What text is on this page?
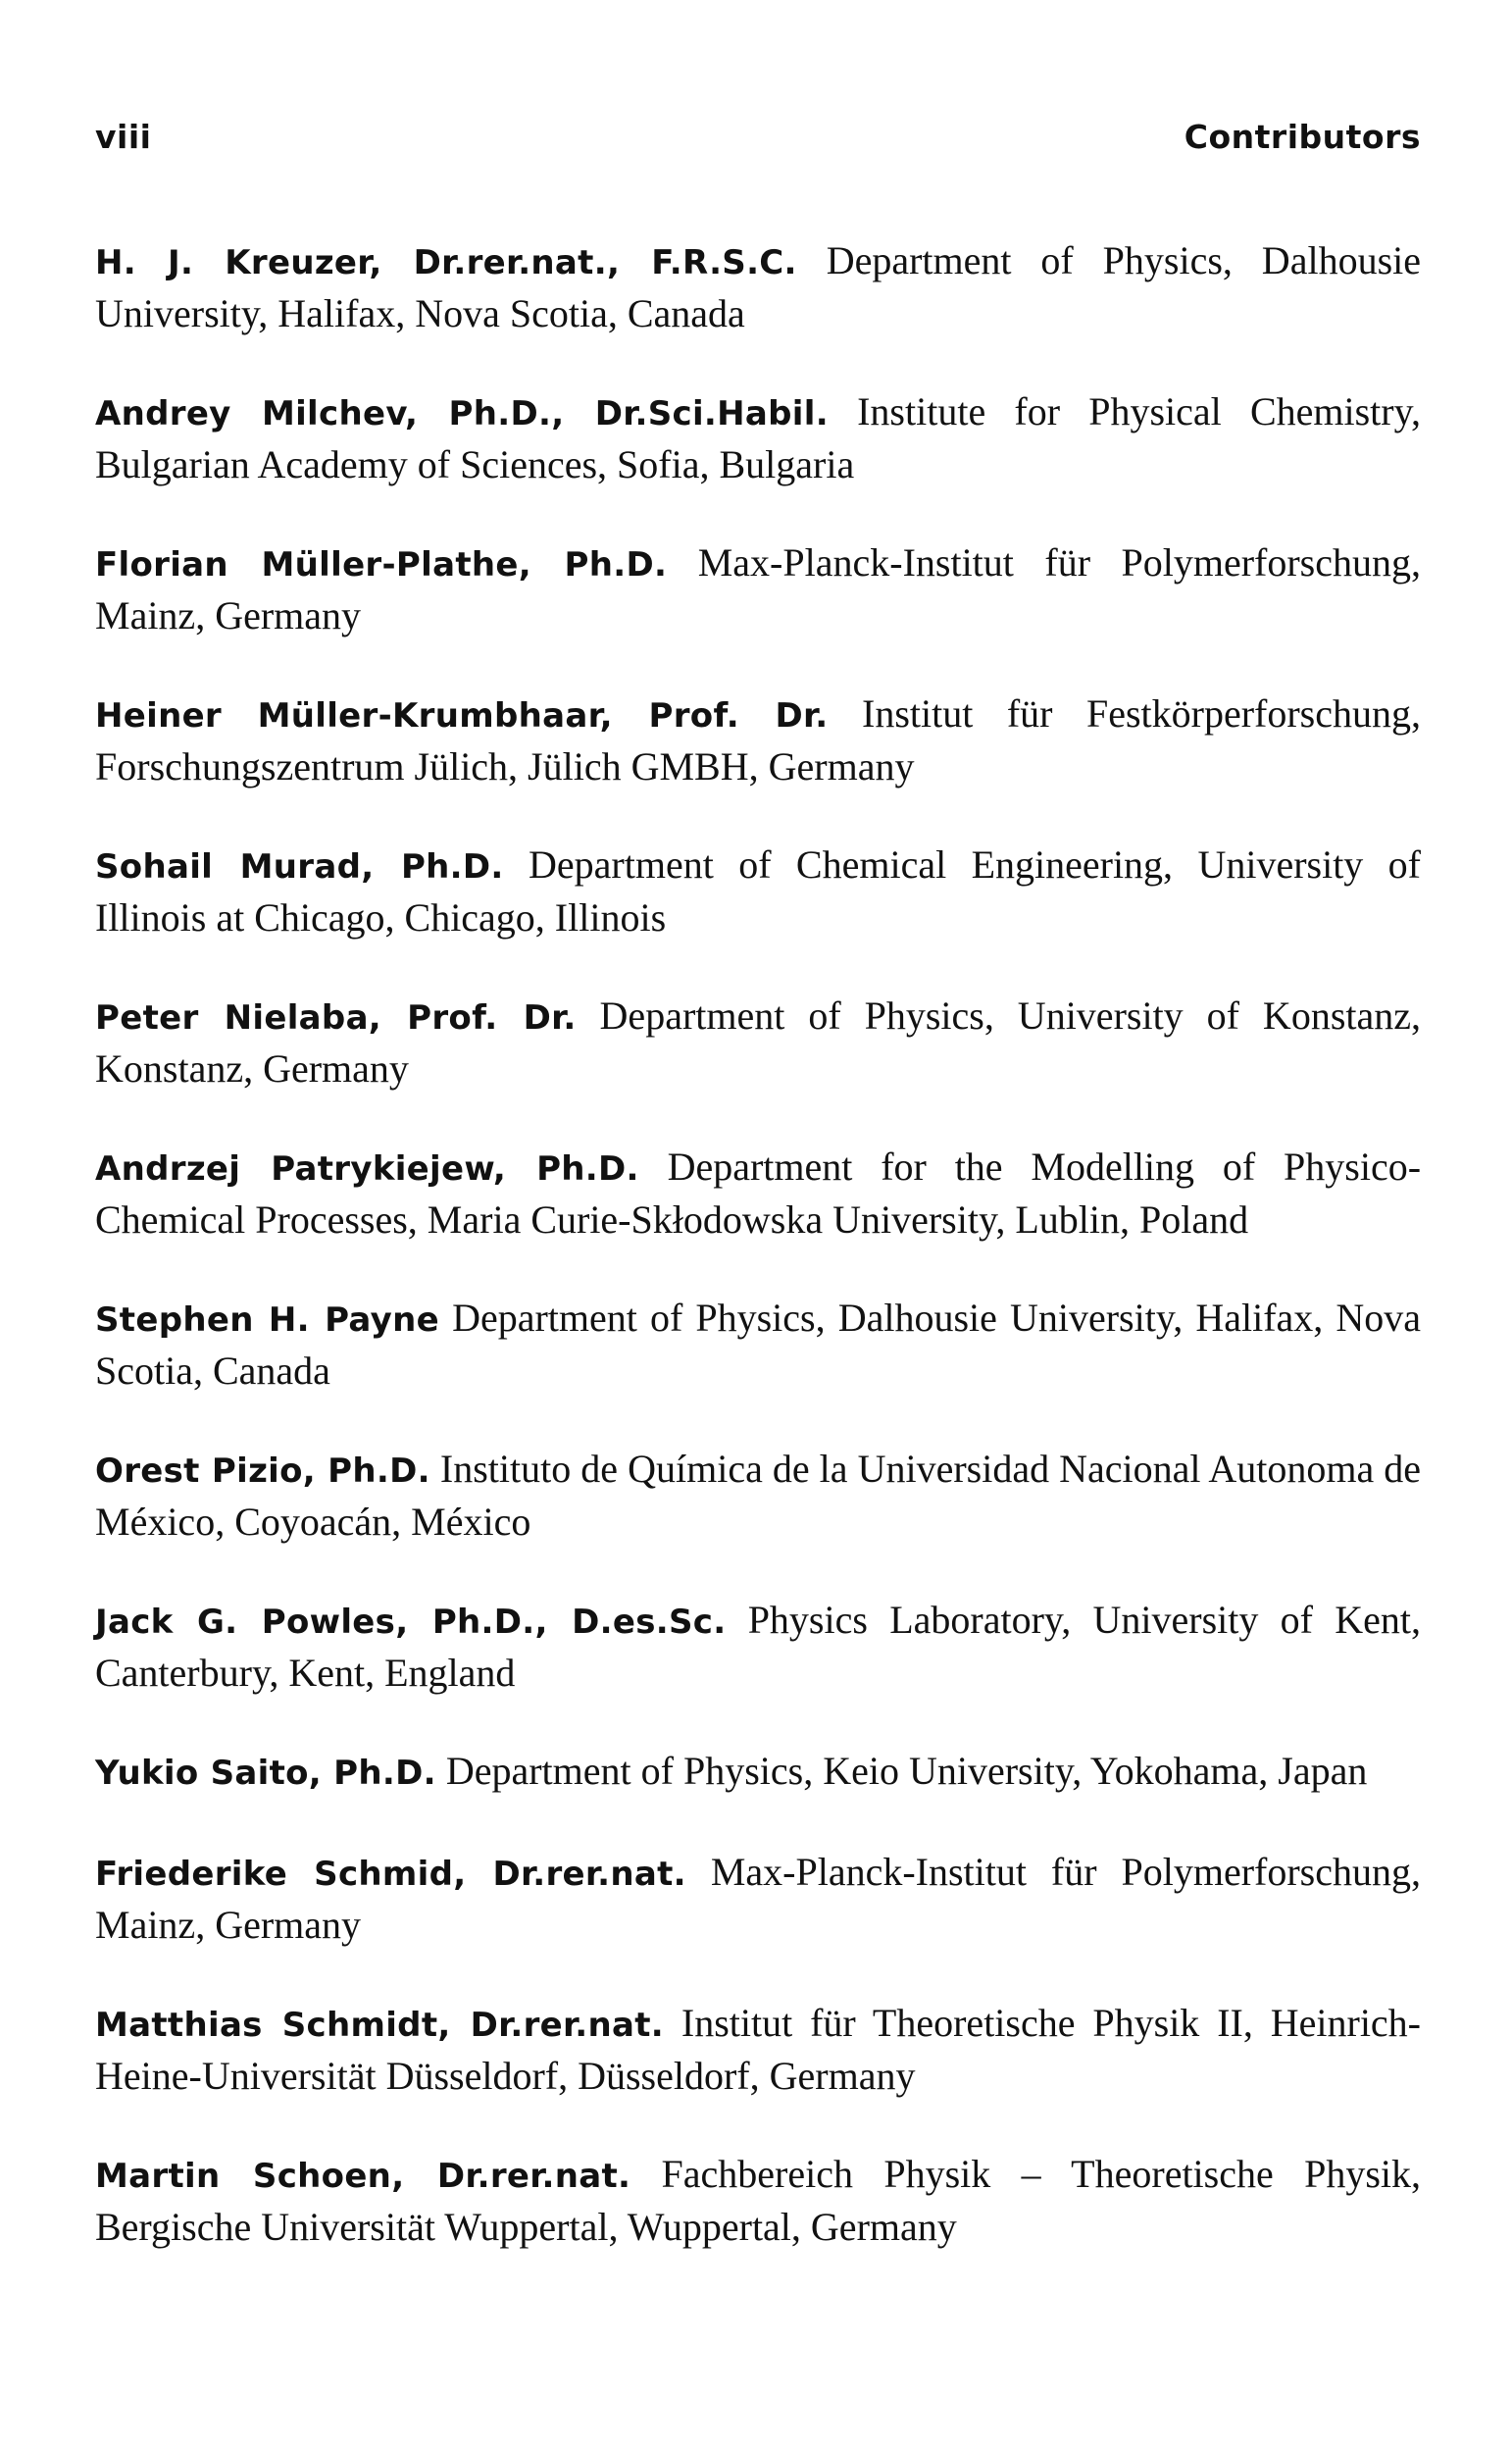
viii	Contributors

H. J. Kreuzer, Dr.rer.nat., F.R.S.C. Department of Physics, Dalhousie University, Halifax, Nova Scotia, Canada

Andrey Milchev, Ph.D., Dr.Sci.Habil. Institute for Physical Chemistry, Bulgarian Academy of Sciences, Sofia, Bulgaria

Florian Müller-Plathe, Ph.D. Max-Planck-Institut für Polymerforschung, Mainz, Germany

Heiner Müller-Krumbhaar, Prof. Dr. Institut für Festkörperforschung, Forschungszentrum Jülich, Jülich GMBH, Germany

Sohail Murad, Ph.D. Department of Chemical Engineering, University of Illinois at Chicago, Chicago, Illinois

Peter Nielaba, Prof. Dr. Department of Physics, University of Konstanz, Konstanz, Germany

Andrzej Patrykiejew, Ph.D. Department for the Modelling of Physico-Chemical Processes, Maria Curie-Skłodowska University, Lublin, Poland

Stephen H. Payne Department of Physics, Dalhousie University, Halifax, Nova Scotia, Canada

Orest Pizio, Ph.D. Instituto de Química de la Universidad Nacional Autonoma de México, Coyoacán, México

Jack G. Powles, Ph.D., D.es.Sc. Physics Laboratory, University of Kent, Canterbury, Kent, England

Yukio Saito, Ph.D. Department of Physics, Keio University, Yokohama, Japan

Friederike Schmid, Dr.rer.nat. Max-Planck-Institut für Polymerforschung, Mainz, Germany

Matthias Schmidt, Dr.rer.nat. Institut für Theoretische Physik II, Heinrich-Heine-Universität Düsseldorf, Düsseldorf, Germany

Martin Schoen, Dr.rer.nat. Fachbereich Physik – Theoretische Physik, Bergische Universität Wuppertal, Wuppertal, Germany
